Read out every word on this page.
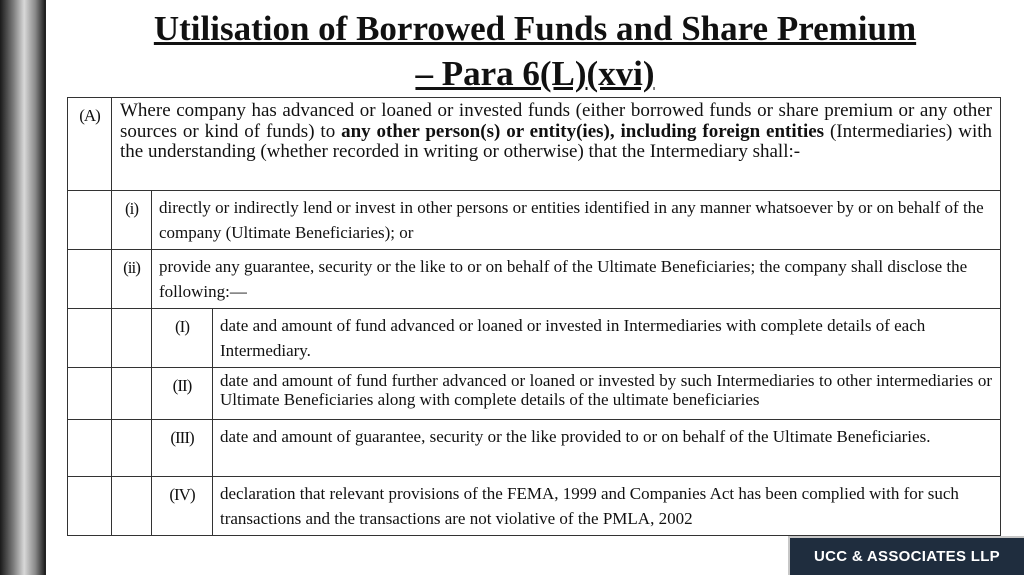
Utilisation of Borrowed Funds and Share Premium
– Para 6(L)(xvi)
(A)	Where company has advanced or loaned or invested funds (either borrowed funds or share premium or any other sources or kind of funds) to any other person(s) or entity(ies), including foreign entities (Intermediaries) with the understanding (whether recorded in writing or otherwise) that the Intermediary shall:-		
	(i)	directly or indirectly lend or invest in other persons or entities identified in any manner whatsoever by or on behalf of the company (Ultimate Beneficiaries); or	
	(ii)	provide any guarantee, security or the like to or on behalf of the Ultimate Beneficiaries; the company shall disclose the following:—	
		(I)	date and amount of fund advanced or loaned or invested in Intermediaries with complete details of each Intermediary.
		(II)	date and amount of fund further advanced or loaned or invested by such Intermediaries to other intermediaries or Ultimate Beneficiaries along with complete details of the ultimate beneficiaries
		(III)	date and amount of guarantee, security or the like provided to or on behalf of the Ultimate Beneficiaries.
		(IV)	declaration that relevant provisions of the FEMA, 1999 and Companies Act has been complied with for such transactions and the transactions are not violative of the PMLA, 2002
UCC & ASSOCIATES LLP
